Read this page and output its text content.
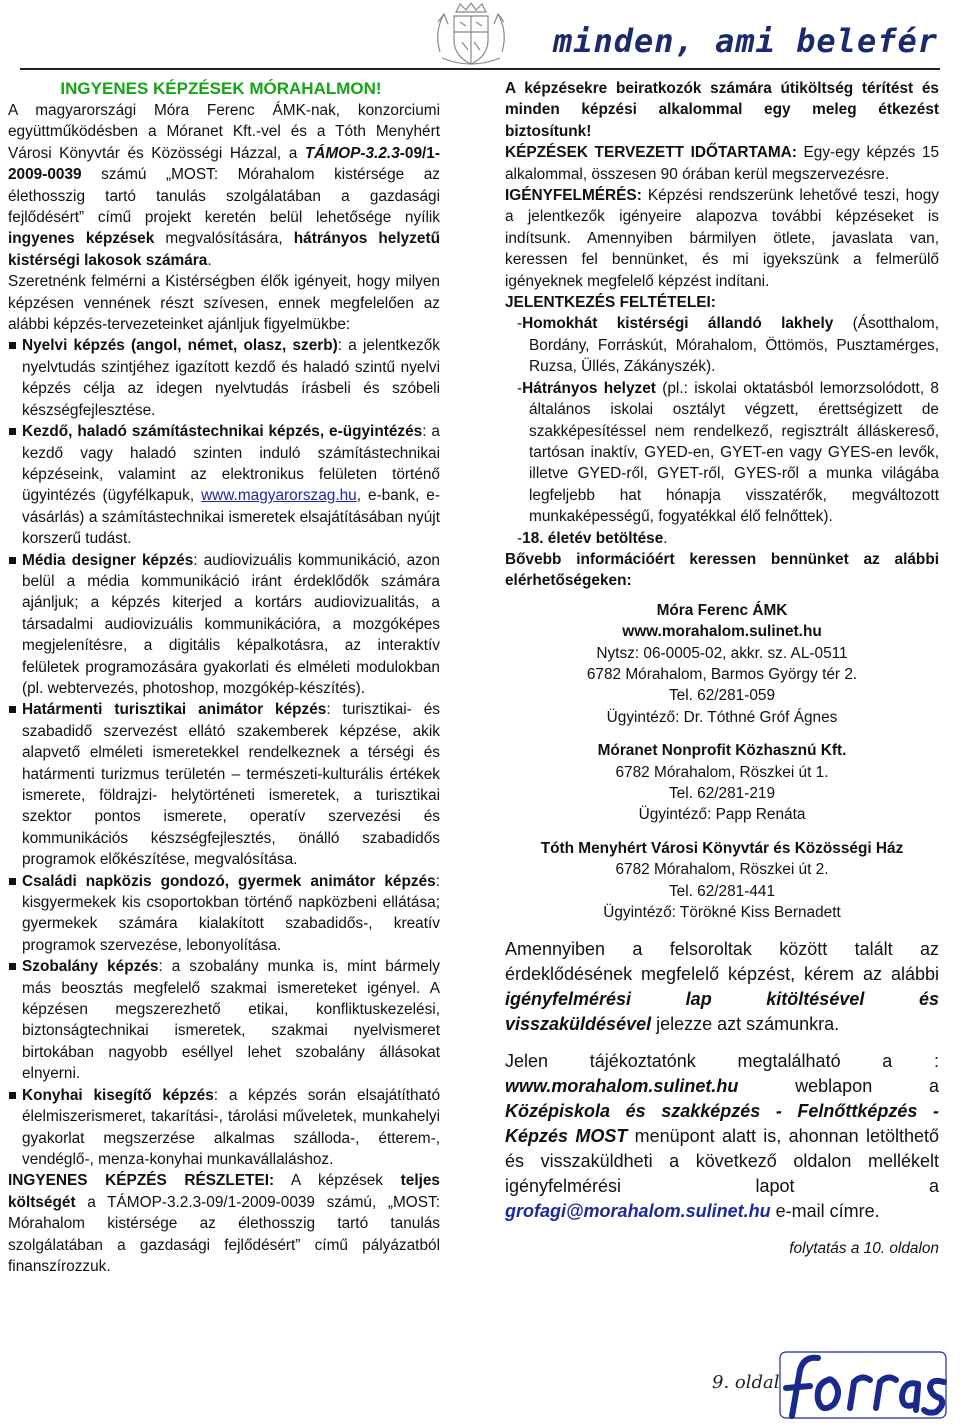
minden, ami belefér

INGYENES KÉPZÉSEK MÓRAHALMON!

A magyarországi Móra Ferenc ÁMK-nak, konzorciumi együttműködésben a Móranet Kft.-vel és a Tóth Menyhért Városi Könyvtár és Közösségi Házzal, a TÁMOP-3.2.3-09/1-2009-0039 számú „MOST: Mórahalom kistérsége az élethosszig tartó tanulás szolgálatában a gazdasági fejlődésért” című projekt keretén belül lehetősége nyílik ingyenes képzések megvalósítására, hátrányos helyzetű kistérségi lakosok számára.

Szeretnénk felmérni a Kistérségben élők igényeit, hogy milyen képzésen vennének részt szívesen, ennek megfelelően az alábbi képzés-tervezeteinket ajánljuk figyelmükbe:

Nyelvi képzés (angol, német, olasz, szerb): a jelentkezők nyelvtudás szintjéhez igazított kezdő és haladó szintű nyelvi képzés célja az idegen nyelvtudás írásbeli és szóbeli készségfejlesztése.

Kezdő, haladó számítástechnikai képzés, e-ügyintézés: a kezdő vagy haladó szinten induló számítástechnikai képzéseink, valamint az elektronikus felületen történő ügyintézés (ügyfélkapuk, www.magyarorszag.hu, e-bank, e-vásárlás) a számítástechnikai ismeretek elsajátításában nyújt korszerű tudást.

Média designer képzés: audiovizuális kommunikáció, azon belül a média kommunikáció iránt érdeklődők számára ajánljuk; a képzés kiterjed a kortárs audiovizualitás, a társadalmi audiovizuális kommunikációra, a mozgóképes megjelenítésre, a digitális képalkotásra, az interaktív felületek programozására gyakorlati és elméleti modulokban (pl. webtervezés, photoshop, mozgókép-készítés).

Határmenti turisztikai animátor képzés: turisztikai- és szabadidő szervezést ellátó szakemberek képzése, akik alapvető elméleti ismeretekkel rendelkeznek a térségi és határmenti turizmus területén – természeti-kulturális értékek ismerete, földrajzi- helytörténeti ismeretek, a turisztikai szektor pontos ismerete, operatív szervezési és kommunikációs készségfejlesztés, önálló szabadidős programok előkészítése, megvalósítása.

Családi napközis gondozó, gyermek animátor képzés: kisgyermekek kis csoportokban történő napközbeni ellátása; gyermekek számára kialakított szabadidős-, kreatív programok szervezése, lebonyolítása.

Szobalány képzés: a szobalány munka is, mint bármely más beosztás megfelelő szakmai ismereteket igényel. A képzésen megszerezhető etikai, konfliktuskezelési, biztonságtechnikai ismeretek, szakmai nyelvismeret birtokában nagyobb eséllyel lehet szobalány állásokat elnyerni.

Konyhai kisegítő képzés: a képzés során elsajátítható élelmiszerismeret, takarítási-, tárolási műveletek, munkahelyi gyakorlat megszerzése alkalmas szálloda-, étterem-, vendéglő-, menza-konyhai munkavállaláshoz.

INGYENES KÉPZÉS RÉSZLETEI: A képzések teljes költségét a TÁMOP-3.2.3-09/1-2009-0039 számú, „MOST: Mórahalom kistérsége az élethosszig tartó tanulás szolgálatában a gazdasági fejlődésért” című pályázatból finanszírozzuk.

A képzésekre beiratkozók számára útiköltség térítést és minden képzési alkalommal egy meleg étkezést biztosítunk!

KÉPZÉSEK TERVEZETT IDŐTARTAMA: Egy-egy képzés 15 alkalommal, összesen 90 órában kerül megszervezésre.

IGÉNYFELMÉRÉS: Képzési rendszerünk lehetővé teszi, hogy a jelentkezők igényeire alapozva további képzéseket is indítsunk. Amennyiben bármilyen ötlete, javaslata van, keressen fel bennünket, és mi igyekszünk a felmerülő igényeknek megfelelő képzést indítani.

JELENTKEZÉS FELTÉTELEI:

-Homokhát kistérségi állandó lakhely (Ásotthalom, Bordány, Forráskút, Mórahalom, Öttömös, Pusztamérges, Ruzsa, Üllés, Zákányszék).

-Hátrányos helyzet (pl.: iskolai oktatásból lemorzsolódott, 8 általános iskolai osztályt végzett, érettségizett de szakképesítéssel nem rendelkező, regisztrált álláskereső, tartósan inaktív, GYED-en, GYET-en vagy GYES-en levők, illetve GYED-ről, GYET-ről, GYES-ről a munka világába legfeljebb hat hónapja visszatérők, megváltozott munkaképességű, fogyatékkal élő felnőttek).

-18. életév betöltése.

Bővebb információért keressen bennünket az alábbi elérhetőségeken:

Móra Ferenc ÁMK

www.morahalom.sulinet.hu

Nytsz: 06-0005-02, akkr. sz. AL-0511

6782 Mórahalom, Barmos György tér 2.

Tel. 62/281-059

Ügyintéző: Dr. Tóthné Gróf Ágnes

Móranet Nonprofit Közhasznú Kft.

6782 Mórahalom, Röszkei út 1.

Tel. 62/281-219

Ügyintéző: Papp Renáta

Tóth Menyhért Városi Könyvtár és Közösségi Ház

6782 Mórahalom, Röszkei út 2.

Tel. 62/281-441

Ügyintéző: Törökné Kiss Bernadett

Amennyiben a felsoroltak között talált az érdeklődésének megfelelő képzést, kérem az alábbi igényfelmérési lap kitöltésével és visszaküldésével jelezze azt számunkra.

Jelen tájékoztatónk megtalálható a : www.morahalom.sulinet.hu weblapon a Középiskola és szakképzés - Felnőttképzés - Képzés MOST menüpont alatt is, ahonnan letölthető és visszaküldheti a következő oldalon mellékelt igényfelmérési lapot a grofagi@morahalom.sulinet.hu e-mail címre.

folytatás a 10. oldalon

9. oldal
